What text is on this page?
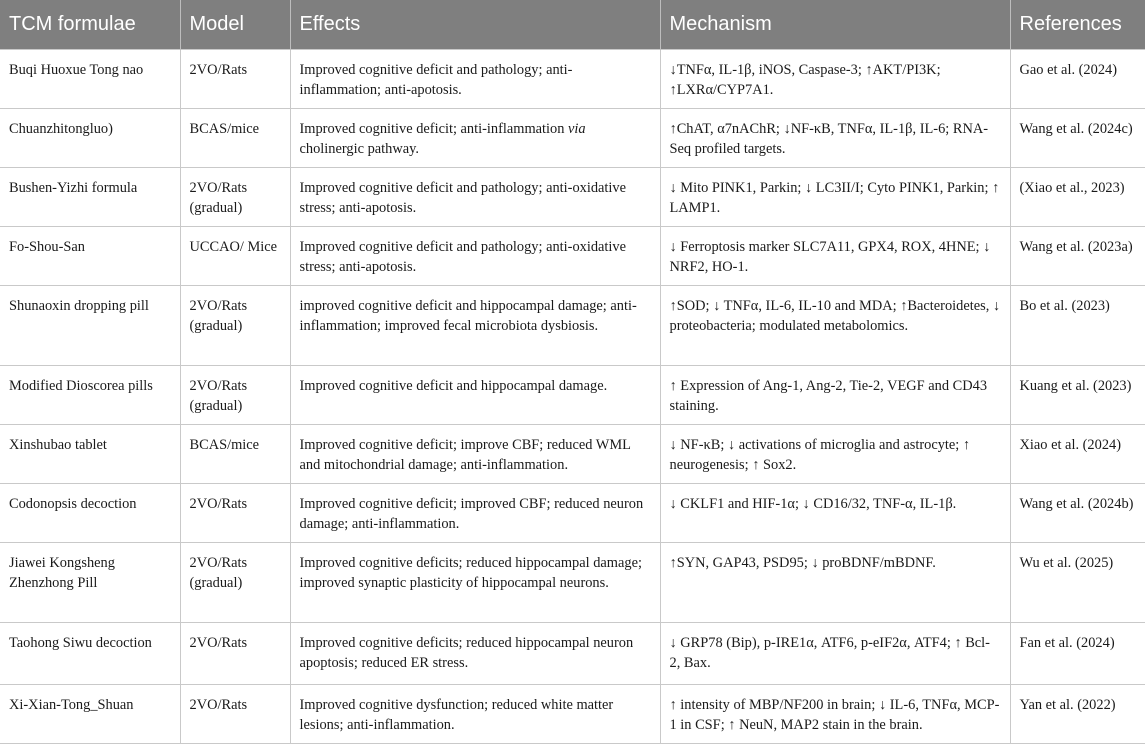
TCM formulae	Model	Effects	Mechanism	References
Buqi Huoxue Tong nao	2VO/Rats	Improved cognitive deficit and pathology; anti-inflammation; anti-apotosis.	↓TNFα, IL-1β, iNOS, Caspase-3; ↑AKT/PI3K; ↑LXRα/CYP7A1.	Gao et al. (2024)
Chuanzhitongluo)	BCAS/mice	Improved cognitive deficit; anti-inflammation via cholinergic pathway.	↑ChAT, α7nAChR; ↓NF-κB, TNFα, IL-1β, IL-6; RNA-Seq profiled targets.	Wang et al. (2024c)
Bushen-Yizhi formula	2VO/Rats (gradual)	Improved cognitive deficit and pathology; anti-oxidative stress; anti-apotosis.	↓ Mito PINK1, Parkin; ↓ LC3II/I; Cyto PINK1, Parkin; ↑ LAMP1.	(Xiao et al., 2023)
Fo-Shou-San	UCCAO/ Mice	Improved cognitive deficit and pathology; anti-oxidative stress; anti-apotosis.	↓ Ferroptosis marker SLC7A11, GPX4, ROX, 4HNE; ↓ NRF2, HO-1.	Wang et al. (2023a)
Shunaoxin dropping pill	2VO/Rats (gradual)	improved cognitive deficit and hippocampal damage; anti-inflammation; improved fecal microbiota dysbiosis.	↑SOD; ↓ TNFα, IL-6, IL-10 and MDA; ↑Bacteroidetes, ↓ proteobacteria; modulated metabolomics.	Bo et al. (2023)
Modified Dioscorea pills	2VO/Rats (gradual)	Improved cognitive deficit and hippocampal damage.	↑ Expression of Ang-1, Ang-2, Tie-2, VEGF and CD43 staining.	Kuang et al. (2023)
Xinshubao tablet	BCAS/mice	Improved cognitive deficit; improve CBF; reduced WML and mitochondrial damage; anti-inflammation.	↓ NF-κB; ↓ activations of microglia and astrocyte; ↑ neurogenesis; ↑ Sox2.	Xiao et al. (2024)
Codonopsis decoction	2VO/Rats	Improved cognitive deficit; improved CBF; reduced neuron damage; anti-inflammation.	↓ CKLF1 and HIF-1α; ↓ CD16/32, TNF-α, IL-1β.	Wang et al. (2024b)
Jiawei Kongsheng Zhenzhong Pill	2VO/Rats (gradual)	Improved cognitive deficits; reduced hippocampal damage; improved synaptic plasticity of hippocampal neurons.	↑SYN, GAP43, PSD95; ↓ proBDNF/mBDNF.	Wu et al. (2025)
Taohong Siwu decoction	2VO/Rats	Improved cognitive deficits; reduced hippocampal neuron apoptosis; reduced ER stress.	↓ GRP78 (Bip), p-IRE1α, ATF6, p-eIF2α, ATF4; ↑ Bcl-2, Bax.	Fan et al. (2024)
Xi-Xian-Tong_Shuan	2VO/Rats	Improved cognitive dysfunction; reduced white matter lesions; anti-inflammation.	↑ intensity of MBP/NF200 in brain; ↓ IL-6, TNFα, MCP-1 in CSF; ↑ NeuN, MAP2 stain in the brain.	Yan et al. (2022)
